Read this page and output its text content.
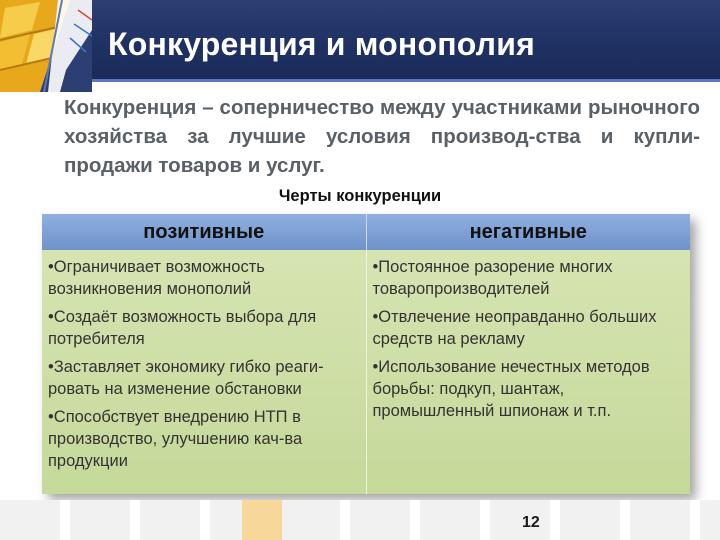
Конкуренция и монополия

Конкуренция – соперничество между участниками рыночного хозяйства за лучшие условия производ-ства и купли-продажи товаров и услуг.

Черты конкуренции

позитивные	негативные
• Ограничивает возможность возникновения монополий
• Создаёт возможность выбора для потребителя
• Заставляет экономику гибко реаги-ровать на изменение обстановки
• Способствует внедрению НТП в производство, улучшению кач-ва продукции
• Постоянное разорение многих товаропроизводителей
• Отвлечение неоправданно больших средств на рекламу
• Использование нечестных методов борьбы: подкуп, шантаж, промышленный шпионаж и т.п.
12
